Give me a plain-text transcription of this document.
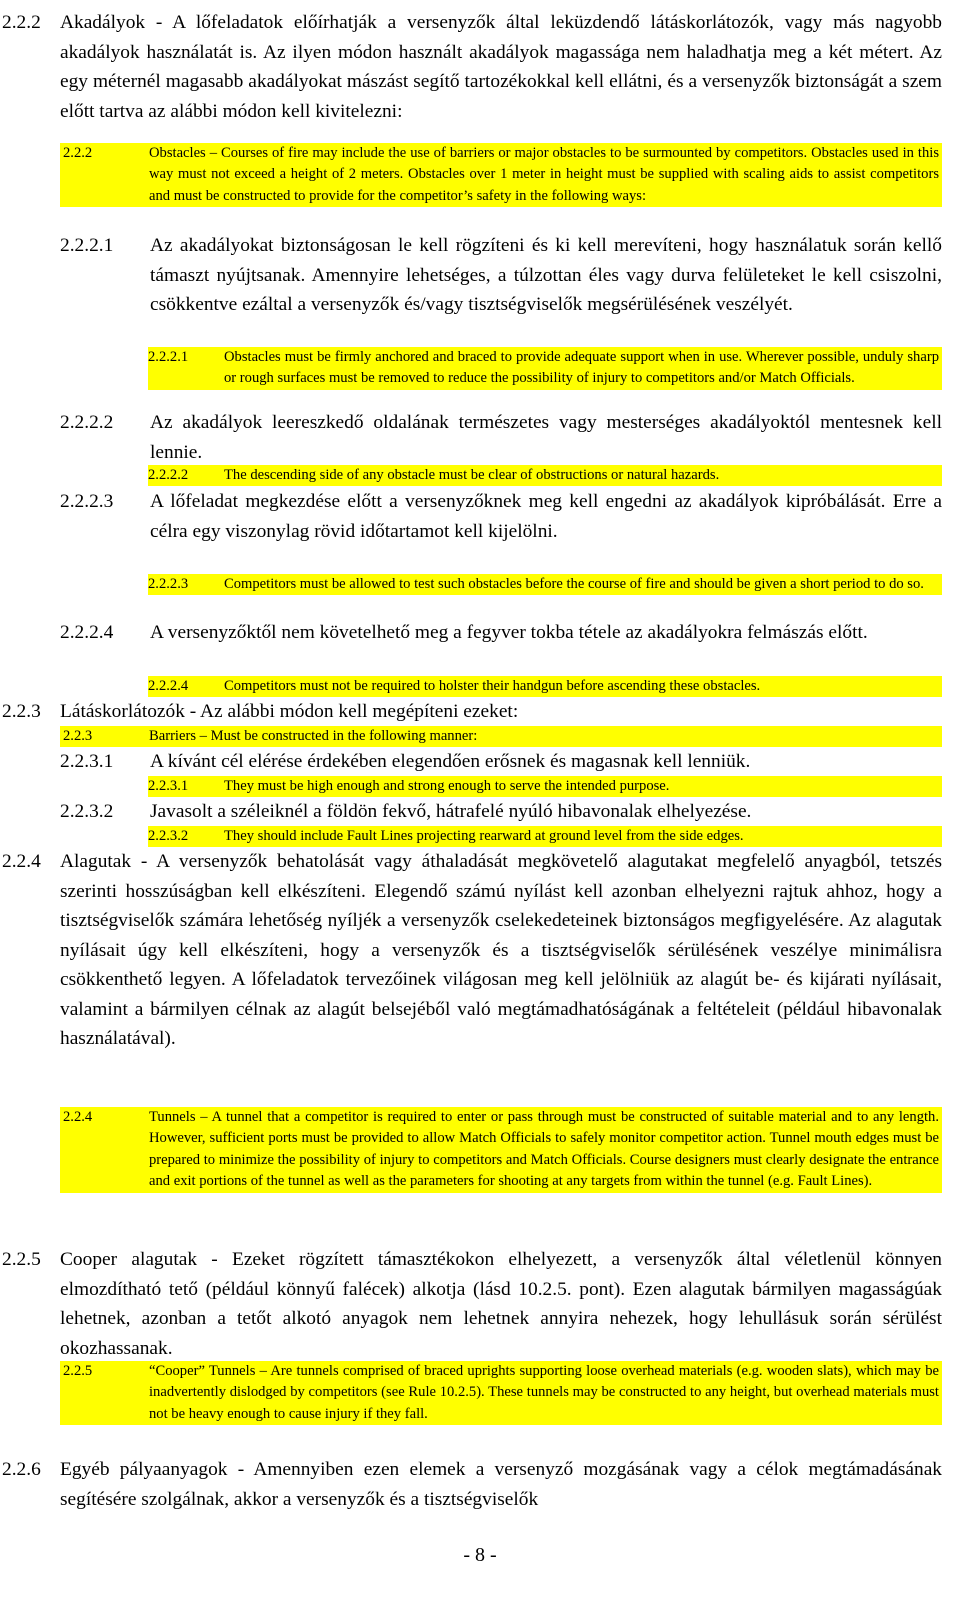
2.2.2 Akadályok - A lőfeladatok előírhatják a versenyzők által leküzdendő látáskorlátozók, vagy más nagyobb akadályok használatát is. Az ilyen módon használt akadályok magassága nem haladhatja meg a két métert. Az egy méternél magasabb akadályokat mászást segítő tartozékokkal kell ellátni, és a versenyzők biztonságát a szem előtt tartva az alábbi módon kell kivitelezni:
2.2.2	Obstacles – Courses of fire may include the use of barriers or major obstacles to be surmounted by competitors. Obstacles used in this way must not exceed a height of 2 meters. Obstacles over 1 meter in height must be supplied with scaling aids to assist competitors and must be constructed to provide for the competitor’s safety in the following ways:
2.2.2.1	Az akadályokat biztonságosan le kell rögzíteni és ki kell merevíteni, hogy használatuk során kellő támaszt nyújtsanak. Amennyire lehetséges, a túlzottan éles vagy durva felületeket le kell csiszolni, csökkentve ezáltal a versenyzők és/vagy tisztségviselők megsérülésének veszélyét.
2.2.2.1	Obstacles must be firmly anchored and braced to provide adequate support when in use. Wherever possible, unduly sharp or rough surfaces must be removed to reduce the possibility of injury to competitors and/or Match Officials.
2.2.2.2	Az akadályok leereszkedő oldalának természetes vagy mesterséges akadályoktól mentesnek kell lennie.
2.2.2.2	The descending side of any obstacle must be clear of obstructions or natural hazards.
2.2.2.3	A lőfeladat megkezdése előtt a versenyzőknek meg kell engedni az akadályok kipróbálását. Erre a célra egy viszonylag rövid időtartamot kell kijelölni.
2.2.2.3	Competitors must be allowed to test such obstacles before the course of fire and should be given a short period to do so.
2.2.2.4	A versenyzőktől nem követelhető meg a fegyver tokba tétele az akadályokra felmászás előtt.
2.2.2.4	Competitors must not be required to holster their handgun before ascending these obstacles.
2.2.3 Látáskorlátozók - Az alábbi módon kell megépíteni ezeket:
2.2.3	Barriers – Must be constructed in the following manner:
2.2.3.1	A kívánt cél elérése érdekében elegendően erősnek és magasnak kell lenniük.
2.2.3.1	They must be high enough and strong enough to serve the intended purpose.
2.2.3.2	Javasolt a széleiknél a földön fekvő, hátrafelé nyúló hibavonalak elhelyezése.
2.2.3.2	They should include Fault Lines projecting rearward at ground level from the side edges.
2.2.4 Alagutak - A versenyzők behatolását vagy áthaladását megkövetelő alagutakat megfelelő anyagból, tetszés szerinti hosszúságban kell elkészíteni. Elegendő számú nyílást kell azonban elhelyezni rajtuk ahhoz, hogy a tisztségviselők számára lehetőség nyíljék a versenyzők cselekedeteinek biztonságos megfigyelésére. Az alagutak nyílásait úgy kell elkészíteni, hogy a versenyzők és a tisztségviselők sérülésének veszélye minimálisra csökkenthető legyen. A lőfeladatok tervezőinek világosan meg kell jelölniük az alagút be- és kijárati nyílásait, valamint a bármilyen célnak az alagút belsejéből való megtámadhatóságának a feltételeit (például hibavonalak használatával).
2.2.4	Tunnels – A tunnel that a competitor is required to enter or pass through must be constructed of suitable material and to any length. However, sufficient ports must be provided to allow Match Officials to safely monitor competitor action. Tunnel mouth edges must be prepared to minimize the possibility of injury to competitors and Match Officials. Course designers must clearly designate the entrance and exit portions of the tunnel as well as the parameters for shooting at any targets from within the tunnel (e.g. Fault Lines).
2.2.5 Cooper alagutak - Ezeket rögzített támasztékokon elhelyezett, a versenyzők által véletlenül könnyen elmozdítható tető (például könnyű falécek) alkotja (lásd 10.2.5. pont). Ezen alagutak bármilyen magasságúak lehetnek, azonban a tetőt alkotó anyagok nem lehetnek annyira nehezek, hogy lehullásuk során sérülést okozhassanak.
2.2.5	“Cooper” Tunnels – Are tunnels comprised of braced uprights supporting loose overhead materials (e.g. wooden slats), which may be inadvertently dislodged by competitors (see Rule 10.2.5). These tunnels may be constructed to any height, but overhead materials must not be heavy enough to cause injury if they fall.
2.2.6 Egyéb pályaanyagok - Amennyiben ezen elemek a versenyző mozgásának vagy a célok megtámadásának segítésére szolgálnak, akkor a versenyzők és a tisztségviselők
- 8 -
